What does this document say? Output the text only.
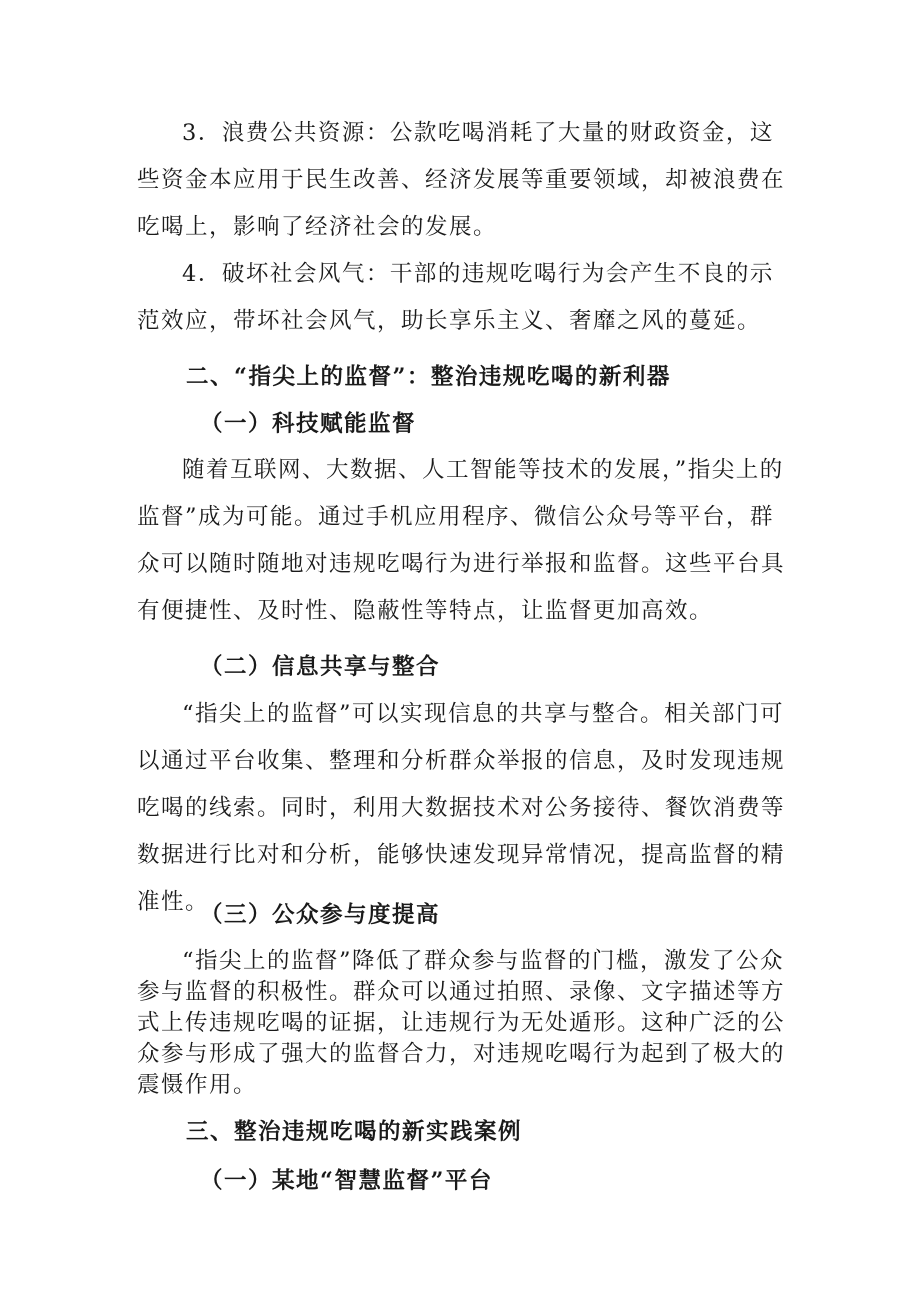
3．浪费公共资源：公款吃喝消耗了大量的财政资金，这些资金本应用于民生改善、经济发展等重要领域，却被浪费在吃喝上，影响了经济社会的发展。

4．破坏社会风气：干部的违规吃喝行为会产生不良的示范效应，带坏社会风气，助长享乐主义、奢靡之风的蔓延。

二、“指尖上的监督”：整治违规吃喝的新利器
（一）科技赋能监督

随着互联网、大数据、人工智能等技术的发展，”指尖上的监督”成为可能。通过手机应用程序、微信公众号等平台，群众可以随时随地对违规吃喝行为进行举报和监督。这些平台具有便捷性、及时性、隐蔽性等特点，让监督更加高效。

（二）信息共享与整合

“指尖上的监督”可以实现信息的共享与整合。相关部门可以通过平台收集、整理和分析群众举报的信息，及时发现违规吃喝的线索。同时，利用大数据技术对公务接待、餐饮消费等数据进行比对和分析，能够快速发现异常情况，提高监督的精准性。

（三）公众参与度提高

“指尖上的监督”降低了群众参与监督的门槛，激发了公众参与监督的积极性。群众可以通过拍照、录像、文字描述等方式上传违规吃喝的证据，让违规行为无处遁形。这种广泛的公众参与形成了强大的监督合力，对违规吃喝行为起到了极大的震慑作用。

三、整治违规吃喝的新实践案例
（一）某地“智慧监督”平台
